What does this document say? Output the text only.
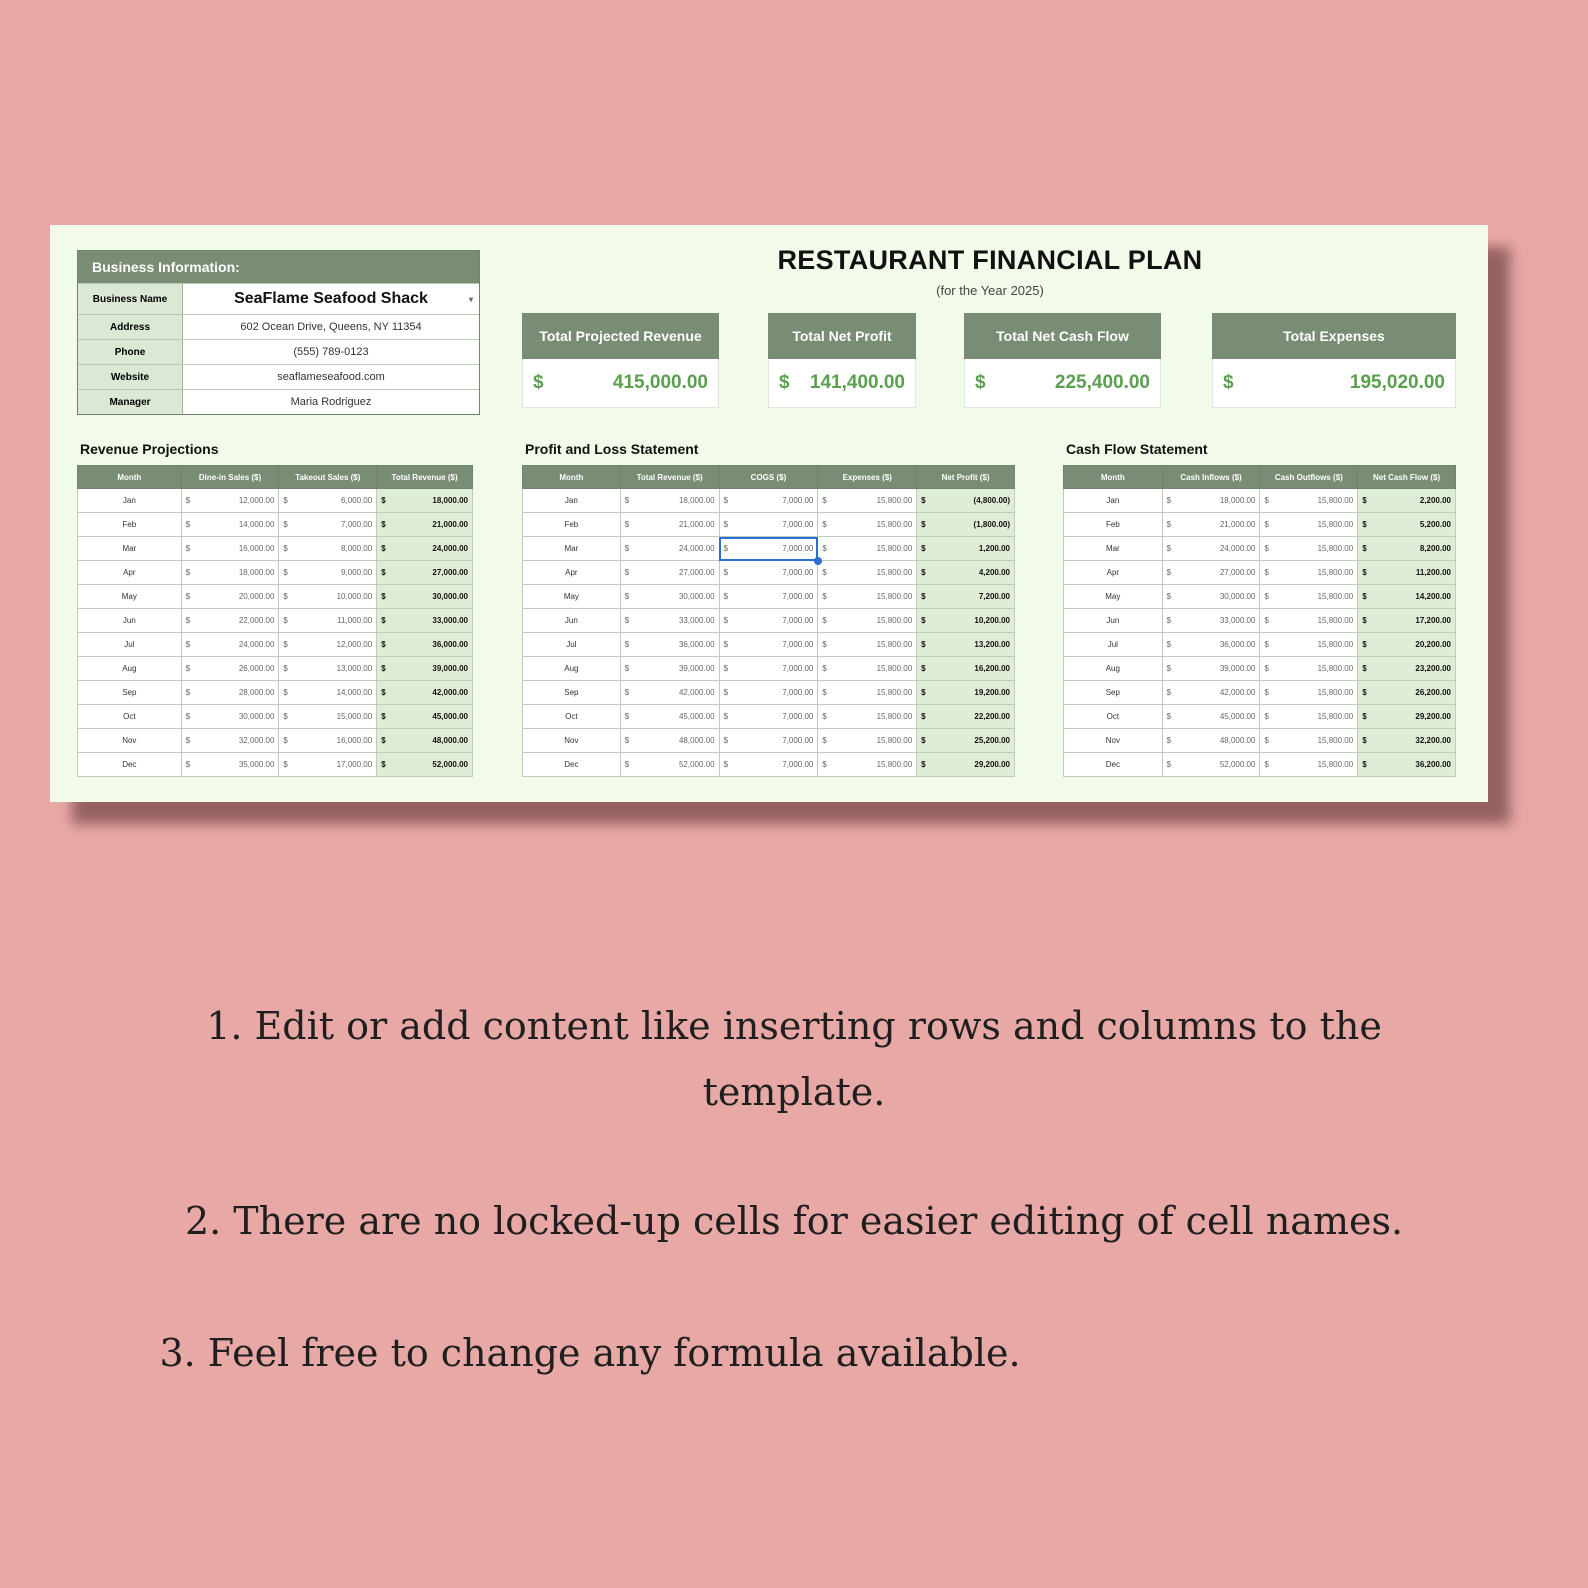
Business Information:
Business Name	SeaFlame Seafood Shack	▾
Address	602 Ocean Drive, Queens, NY 11354
Phone	(555) 789-0123
Website	seaflameseafood.com
Manager	Maria Rodriguez
RESTAURANT FINANCIAL PLAN
(for the Year 2025)
Total Projected Revenue
$	415,000.00
Total Net Profit
$ 141,400.00
Total Net Cash Flow
$	225,400.00
Total Expenses
$	195,020.00
Revenue Projections	Profit and Loss Statement	Cash Flow Statement
Month	Dine-in Sales ($)	Takeout Sales ($)	Total Revenue ($)
Jan	$ 12,000.00	$ 6,000.00	$ 18,000.00
Feb	$ 14,000.00	$ 7,000.00	$ 21,000.00
Mar	$ 16,000.00	$ 8,000.00	$ 24,000.00
Apr	$ 18,000.00	$ 9,000.00	$ 27,000.00
May	$ 20,000.00	$ 10,000.00	$ 30,000.00
Jun	$ 22,000.00	$ 11,000.00	$ 33,000.00
Jul	$ 24,000.00	$ 12,000.00	$ 36,000.00
Aug	$ 26,000.00	$ 13,000.00	$ 39,000.00
Sep	$ 28,000.00	$ 14,000.00	$ 42,000.00
Oct	$ 30,000.00	$ 15,000.00	$ 45,000.00
Nov	$ 32,000.00	$ 16,000.00	$ 48,000.00
Dec	$ 35,000.00	$ 17,000.00	$ 52,000.00
Month	Total Revenue ($)	COGS ($)	Expenses ($)	Net Profit ($)
Jan	$ 18,000.00	$ 7,000.00	$ 15,800.00	$ (4,800.00)
Feb	$ 21,000.00	$ 7,000.00	$ 15,800.00	$ (1,800.00)
Mar	$ 24,000.00	$ 7,000.00	$ 15,800.00	$ 1,200.00
Apr	$ 27,000.00	$ 7,000.00	$ 15,800.00	$ 4,200.00
May	$ 30,000.00	$ 7,000.00	$ 15,800.00	$ 7,200.00
Jun	$ 33,000.00	$ 7,000.00	$ 15,800.00	$ 10,200.00
Jul	$ 36,000.00	$ 7,000.00	$ 15,800.00	$ 13,200.00
Aug	$ 39,000.00	$ 7,000.00	$ 15,800.00	$ 16,200.00
Sep	$ 42,000.00	$ 7,000.00	$ 15,800.00	$ 19,200.00
Oct	$ 45,000.00	$ 7,000.00	$ 15,800.00	$ 22,200.00
Nov	$ 48,000.00	$ 7,000.00	$ 15,800.00	$ 25,200.00
Dec	$ 52,000.00	$ 7,000.00	$ 15,800.00	$ 29,200.00
Month	Cash Inflows ($)	Cash Outflows ($)	Net Cash Flow ($)
Jan	$ 18,000.00	$ 15,800.00	$ 2,200.00
Feb	$ 21,000.00	$ 15,800.00	$ 5,200.00
Mar	$ 24,000.00	$ 15,800.00	$ 8,200.00
Apr	$ 27,000.00	$ 15,800.00	$ 11,200.00
May	$ 30,000.00	$ 15,800.00	$ 14,200.00
Jun	$ 33,000.00	$ 15,800.00	$ 17,200.00
Jul	$ 36,000.00	$ 15,800.00	$ 20,200.00
Aug	$ 39,000.00	$ 15,800.00	$ 23,200.00
Sep	$ 42,000.00	$ 15,800.00	$ 26,200.00
Oct	$ 45,000.00	$ 15,800.00	$ 29,200.00
Nov	$ 48,000.00	$ 15,800.00	$ 32,200.00
Dec	$ 52,000.00	$ 15,800.00	$ 36,200.00
1. Edit or add content like inserting rows and columns to the template.
2. There are no locked-up cells for easier editing of cell names.
3. Feel free to change any formula available.
